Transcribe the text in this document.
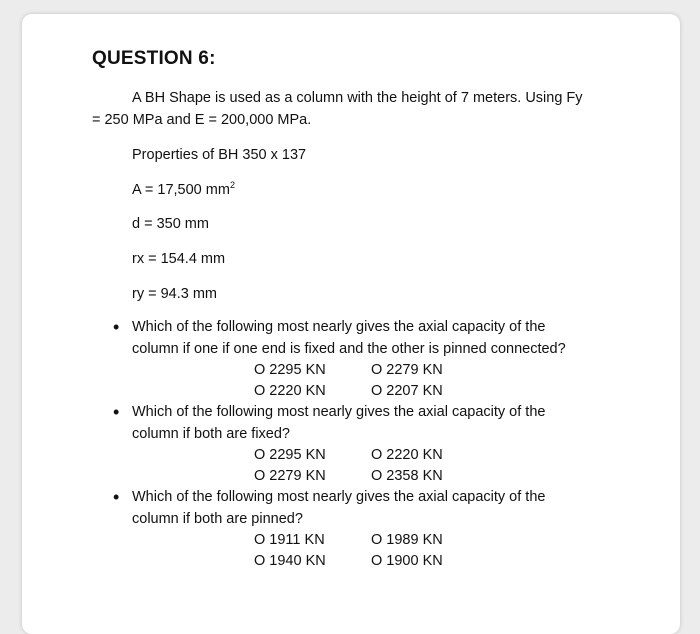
QUESTION 6:
A BH Shape is used as a column with the height of 7 meters. Using Fy
= 250 MPa and E = 200,000 MPa.
Properties of BH 350 x 137
A = 17,500 $mm^2$
d = 350 mm
rx = 154.4 mm
ry = 94.3 mm
• Which of the following most nearly gives the axial capacity of the
column if one if one end is fixed and the other is pinned connected?
O 2295 KN	O 2279 KN
O 2220 KN	O 2207 KN
• Which of the following most nearly gives the axial capacity of the
column if both are fixed?
O 2295 KN	O 2220 KN
O 2279 KN	O 2358 KN
• Which of the following most nearly gives the axial capacity of the
column if both are pinned?
O 1911 KN	O 1989 KN
O 1940 KN	O 1900 KN
